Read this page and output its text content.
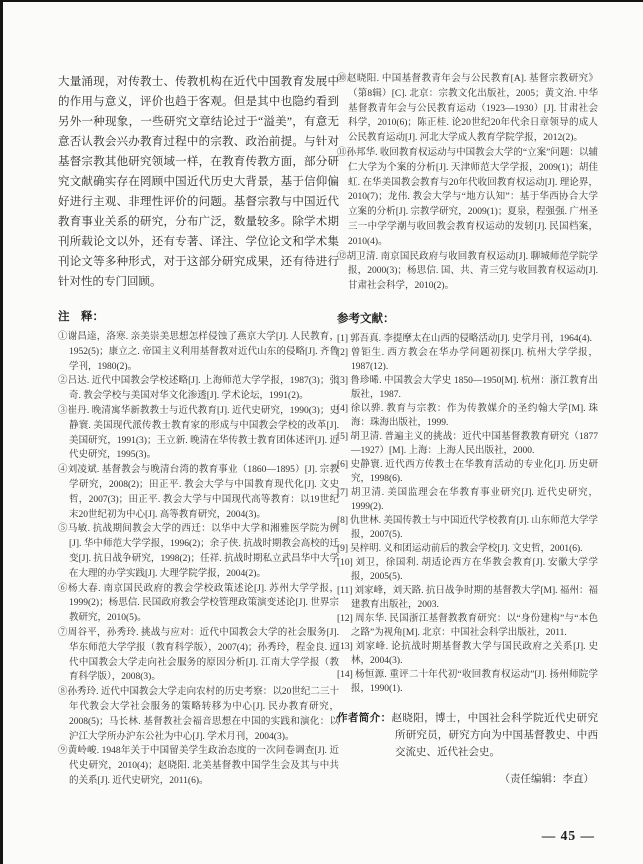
大量涌现，对传教士、传教机构在近代中国教育发展中的作用与意义，评价也趋于客观。但是其中也隐约看到另外一种现象，一些研究文章结论过于“溢美”，有意无意否认教会兴办教育过程中的宗教、政治前提。与针对基督宗教其他研究领域一样，在教育传教方面，部分研究文献确实存在罔顾中国近代历史大背景，基于信仰偏好进行主观、非理性评价的问题。基督宗教与中国近代教育事业关系的研究，分布广泛，数量较多。除学术期刊所载论文以外，还有专著、译注、学位论文和学术集刊论文等多种形式，对于这部分研究成果，还有待进行针对性的专门回顾。

注　释：
①谢昌逵，洛寒. 亲美崇美思想怎样侵蚀了燕京大学[J]. 人民教育，1952(5)；康立之. 帝国主义利用基督教对近代山东的侵略[J]. 齐鲁学刊，1980(2)。
②吕达. 近代中国教会学校述略[J]. 上海师范大学学报，1987(3)；张奇. 教会学校与美国对华文化渗透[J]. 学术论坛，1991(2)。
③崔丹. 晚清寓华新教教士与近代教育[J]. 近代史研究，1990(3)；史静寰. 美国现代派传教士教育家的形成与中国教会学校的改革[J]. 美国研究，1991(3)；王立新. 晚清在华传教士教育团体述评[J]. 近代史研究，1995(3)。
④刘凌斌. 基督教会与晚清台湾的教育事业（1860—1895）[J]. 宗教学研究，2008(2)；田正平. 教会大学与中国教育现代化[J]. 文史哲，2007(3)；田正平. 教会大学与中国现代高等教育：以19世纪末20世纪初为中心[J]. 高等教育研究，2004(3)。
⑤马敏. 抗战期间教会大学的西迁：以华中大学和湘雅医学院为例[J]. 华中师范大学学报，1996(2)；余子侠. 抗战时期教会高校的迁变[J]. 抗日战争研究，1998(2)；任祥. 抗战时期私立武昌华中大学在大理的办学实践[J]. 大理学院学报，2004(2)。
⑥杨大春. 南京国民政府的教会学校政策述论[J]. 苏州大学学报，1999(2)；杨思信. 民国政府教会学校管理政策演变述论[J]. 世界宗教研究，2010(5)。
⑦周谷平，孙秀玲. 挑战与应对：近代中国教会大学的社会服务[J]. 华东师范大学学报（教育科学版），2007(4)；孙秀玲，程金良. 近代中国教会大学走向社会服务的原因分析[J]. 江南大学学报（教育科学版），2008(3)。
⑧孙秀玲. 近代中国教会大学走向农村的历史考察：以20世纪二三十年代教会大学社会服务的策略转移为中心[J]. 民办教育研究，2008(5)；马长林. 基督教社会福音思想在中国的实践和演化：以沪江大学所办沪东公社为中心[J]. 学术月刊，2004(3)。
⑨黄岭峻. 1948年关于中国留美学生政治态度的一次问卷调查[J]. 近代史研究，2010(4)；赵晓阳. 北美基督教中国学生会及其与中共的关系[J]. 近代史研究，2011(6)。
⑩赵晓阳. 中国基督教青年会与公民教育[A]. 基督宗教研究》（第8辑）[C]. 北京：宗教文化出版社，2005；黄文治. 中华基督教青年会与公民教育运动（1923—1930）[J]. 甘肃社会科学，2010(6)；陈正桂. 论20世纪20年代余日章领导的成人公民教育运动[J]. 河北大学成人教育学院学报，2012(2)。
⑪孙邦华. 收回教育权运动与中国教会大学的“立案”问题：以辅仁大学为个案的分析[J]. 天津师范大学学报，2009(1)；胡佳虹. 在华美国教会教育与20年代收回教育权运动[J]. 理论界，2010(7)；龙伟. 教会大学与“地方认知”：基于华西协合大学立案的分析[J]. 宗教学研究，2009(1)；夏泉，程强强. 广州圣三一中学学潮与收回教会教育权运动的发轫[J]. 民国档案，2010(4)。
⑫胡卫清. 南京国民政府与收回教育权运动[J]. 聊城师范学院学报，2000(3)；杨思信. 国、共、青三党与收回教育权运动[J]. 甘肃社会科学，2010(2)。
参考文献：
[1] 郭吾真. 李提摩太在山西的侵略活动[J]. 史学月刊，1964(4).
[2] 曾钜生. 西方教会在华办学问题初探[J]. 杭州大学学报，1987(12).
[3] 鲁珍晞. 中国教会大学史 1850—1950[M]. 杭州：浙江教育出版社，1987.
[4] 徐以骅. 教育与宗教：作为传教媒介的圣约翰大学[M]. 珠海：珠海出版社，1999.
[5] 胡卫清. 普遍主义的挑战：近代中国基督教教育研究（1877—1927）[M]. 上海：上海人民出版社，2000.
[6] 史静寰. 近代西方传教士在华教育活动的专业化[J]. 历史研究，1998(6).
[7] 胡卫清. 美国监理会在华教育事业研究[J]. 近代史研究，1999(2).
[8] 仇世林. 美国传教士与中国近代学校教育[J]. 山东师范大学学报，2007(5).
[9] 吴梓明. 义和团运动前后的教会学校[J]. 文史哲，2001(6).
[10] 刘卫，徐国利. 胡适论西方在华教会教育[J]. 安徽大学学报，2005(5).
[11] 刘家峰，刘天路. 抗日战争时期的基督教大学[M]. 福州：福建教育出版社，2003.
[12] 周东华. 民国浙江基督教教育研究：以“身份建构”与“本色之路”为视角[M]. 北京：中国社会科学出版社，2011.
[13] 刘家峰. 论抗战时期基督教大学与国民政府之关系[J]. 史林，2004(3).
[14] 杨恒源. 重评二十年代初“收回教育权运动”[J]. 扬州师院学报，1990(1).

作者简介：赵晓阳，博士，中国社会科学院近代史研究所研究员，研究方向为中国基督教史、中西交流史、近代社会史。

（责任编辑：李直）
— 45 —
